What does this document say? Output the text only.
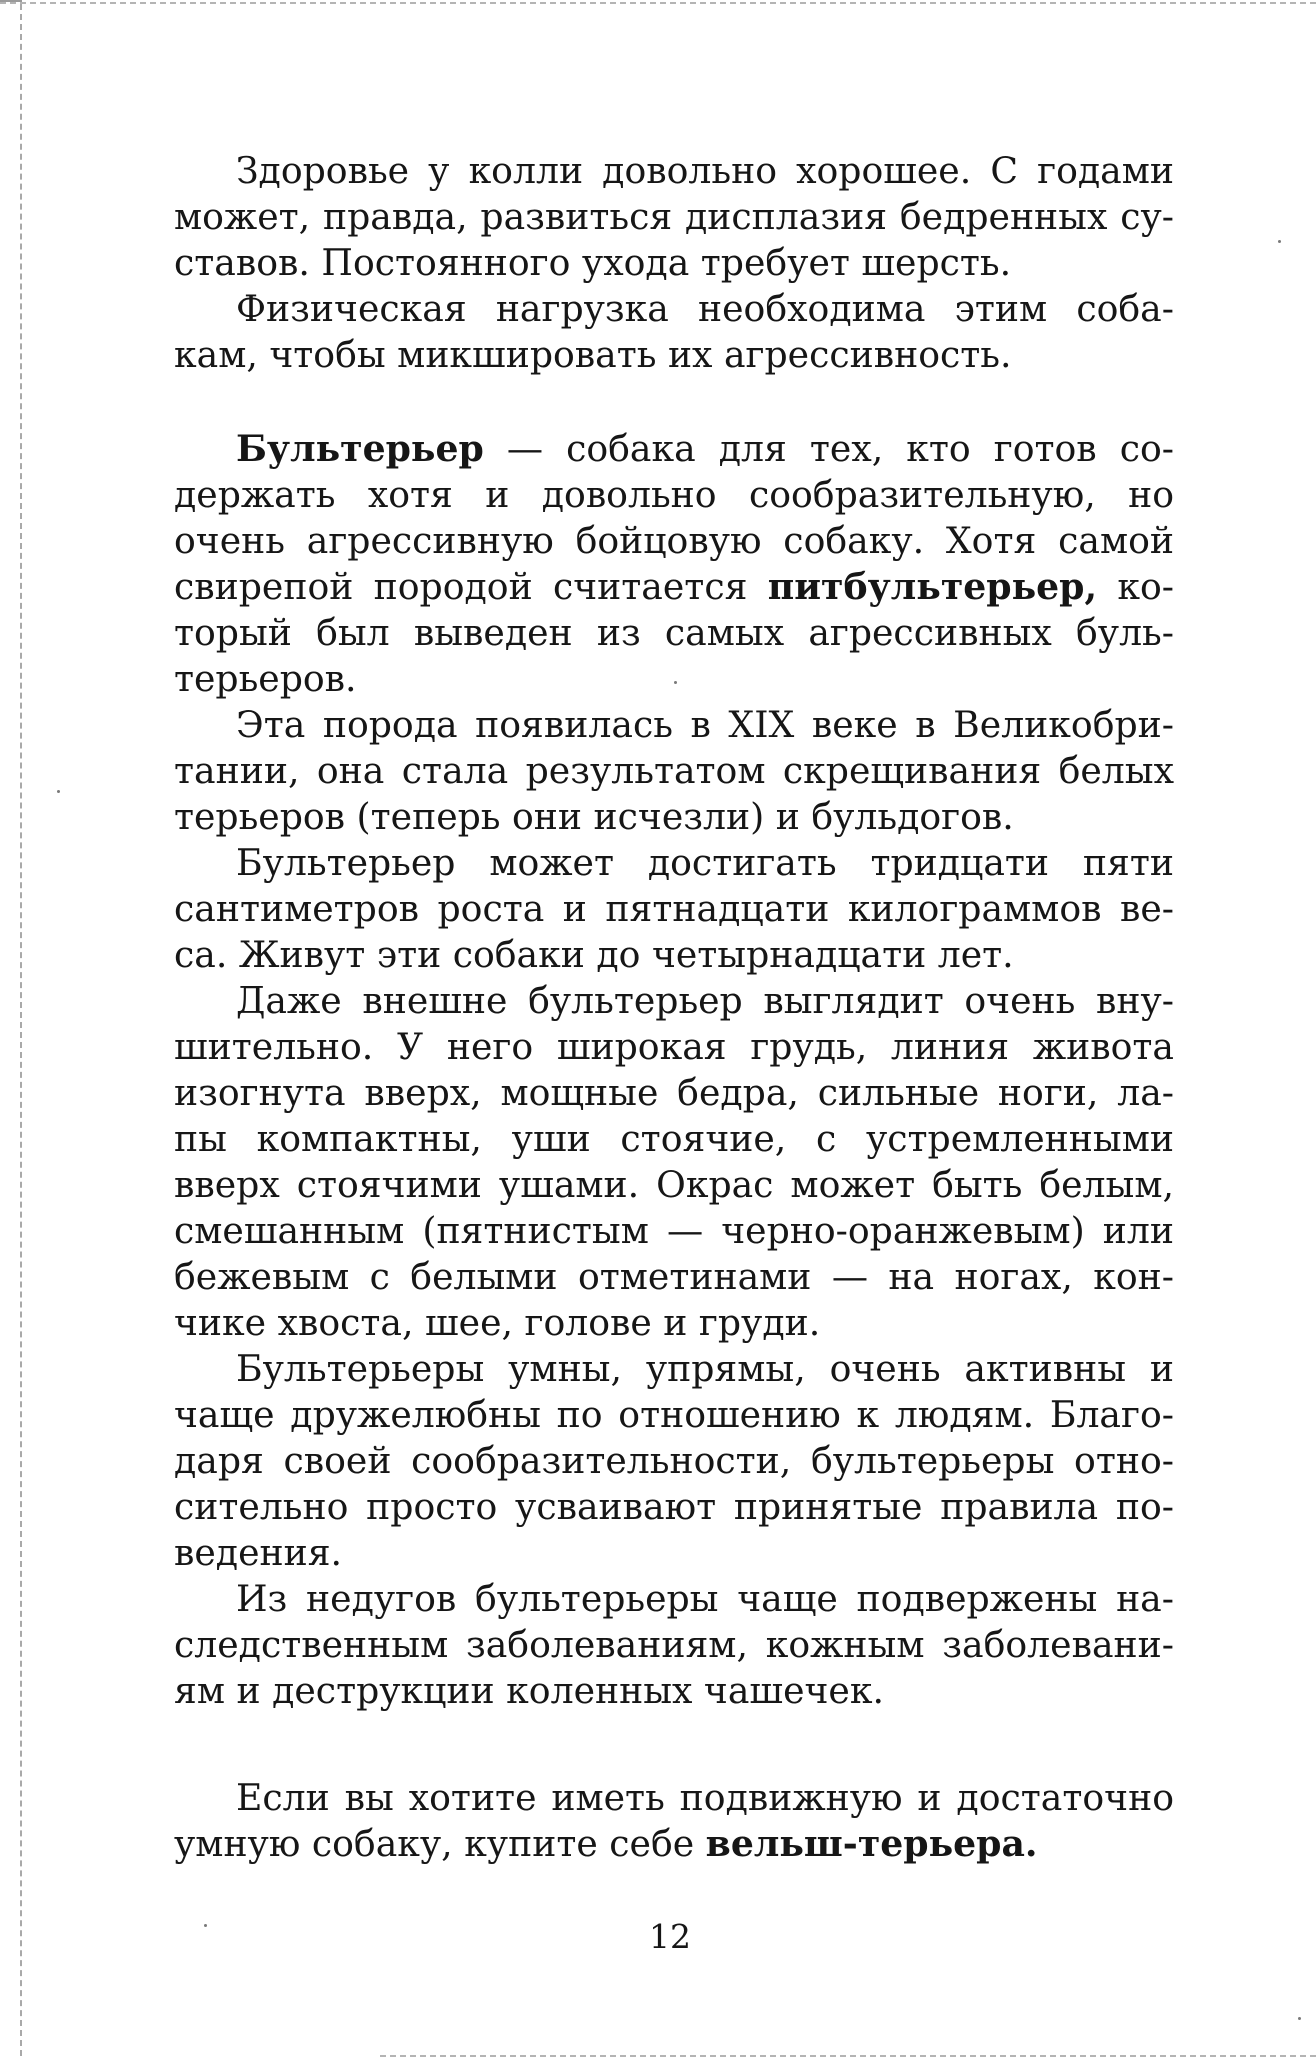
Здоровье у колли довольно хорошее. С годами может, правда, развиться дисплазия бедренных су- ставов. Постоянного ухода требует шерсть.

Физическая нагрузка необходима этим соба- кам, чтобы микшировать их агрессивность.

Бультерьер — собака для тех, кто готов со- держать хотя и довольно сообразительную, но очень агрессивную бойцовую собаку. Хотя самой свирепой породой считается питбультерьер, ко- торый был выведен из самых агрессивных буль- терьеров.

Эта порода появилась в XIX веке в Великобри- тании, она стала результатом скрещивания белых терьеров (теперь они исчезли) и бульдогов.

Бультерьер может достигать тридцати пяти сантиметров роста и пятнадцати килограммов ве- са. Живут эти собаки до четырнадцати лет.

Даже внешне бультерьер выглядит очень вну- шительно. У него широкая грудь, линия живота изогнута вверх, мощные бедра, сильные ноги, ла- пы компактны, уши стоячие, с устремленными вверх стоячими ушами. Окрас может быть белым, смешанным (пятнистым — черно-оранжевым) или бежевым с белыми отметинами — на ногах, кон- чике хвоста, шее, голове и груди.

Бультерьеры умны, упрямы, очень активны и чаще дружелюбны по отношению к людям. Благо- даря своей сообразительности, бультерьеры отно- сительно просто усваивают принятые правила по- ведения.

Из недугов бультерьеры чаще подвержены на- следственным заболеваниям, кожным заболевани- ям и деструкции коленных чашечек.

Если вы хотите иметь подвижную и достаточно умную собаку, купите себе вельш-терьера.

12
